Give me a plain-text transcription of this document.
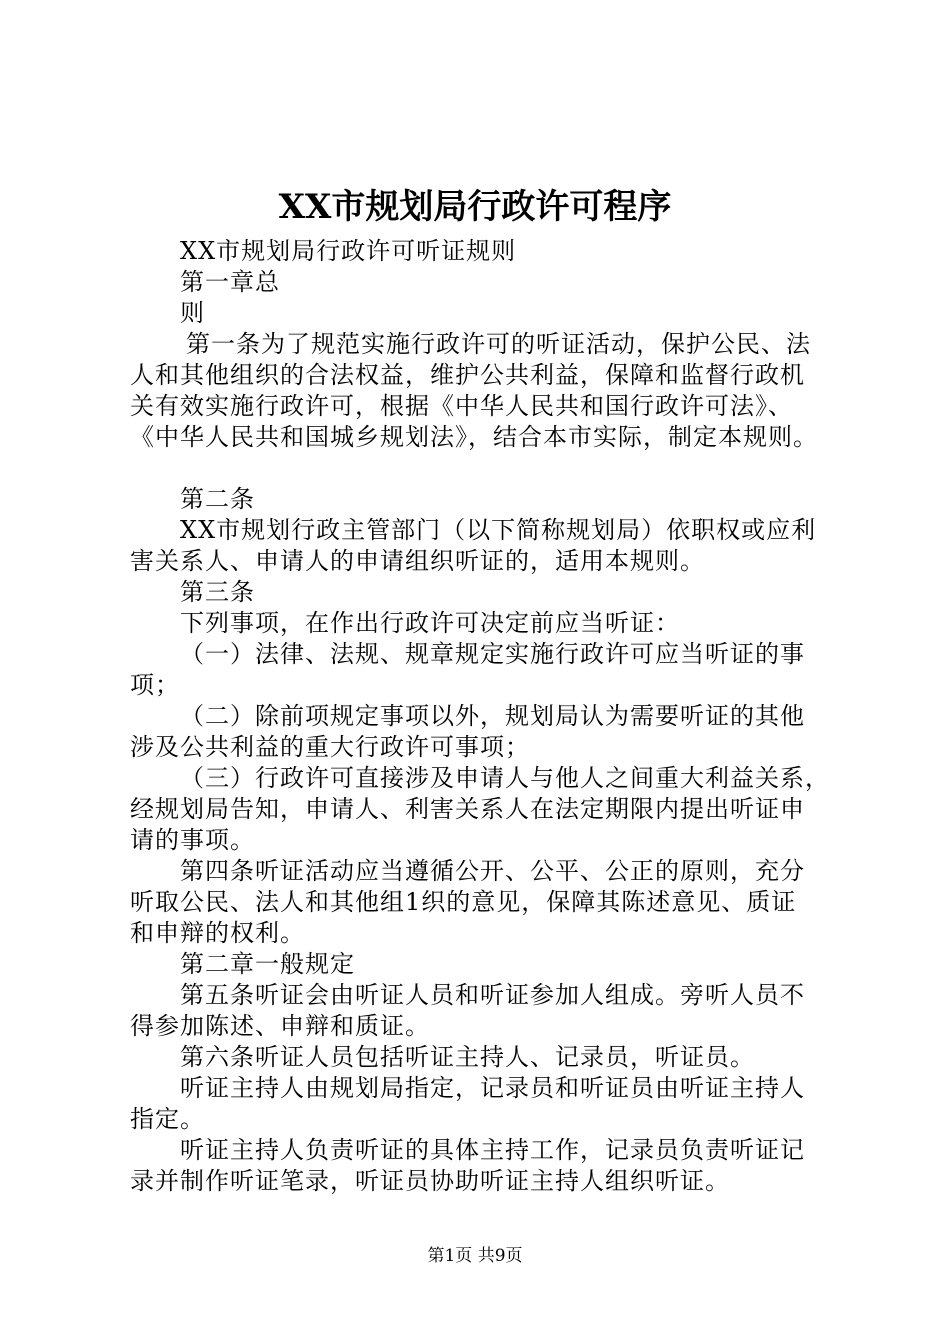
XX市规划局行政许可程序
XX市规划局行政许可听证规则
第一章总
则
第一条为了规范实施行政许可的听证活动，保护公民、法
人和其他组织的合法权益，维护公共利益，保障和监督行政机
关有效实施行政许可，根据《中华人民共和国行政许可法》、
《中华人民共和国城乡规划法》，结合本市实际，制定本规则。
第二条
XX市规划行政主管部门（以下简称规划局）依职权或应利
害关系人、申请人的申请组织听证的，适用本规则。
第三条
下列事项，在作出行政许可决定前应当听证：
（一）法律、法规、规章规定实施行政许可应当听证的事
项；
（二）除前项规定事项以外，规划局认为需要听证的其他
涉及公共利益的重大行政许可事项；
（三）行政许可直接涉及申请人与他人之间重大利益关系，
经规划局告知，申请人、利害关系人在法定期限内提出听证申
请的事项。
第四条听证活动应当遵循公开、公平、公正的原则，充分
听取公民、法人和其他组1织的意见，保障其陈述意见、质证
和申辩的权利。
第二章一般规定
第五条听证会由听证人员和听证参加人组成。旁听人员不
得参加陈述、申辩和质证。
第六条听证人员包括听证主持人、记录员，听证员。
听证主持人由规划局指定，记录员和听证员由听证主持人
指定。
听证主持人负责听证的具体主持工作，记录员负责听证记
录并制作听证笔录，听证员协助听证主持人组织听证。
第1页 共9页
